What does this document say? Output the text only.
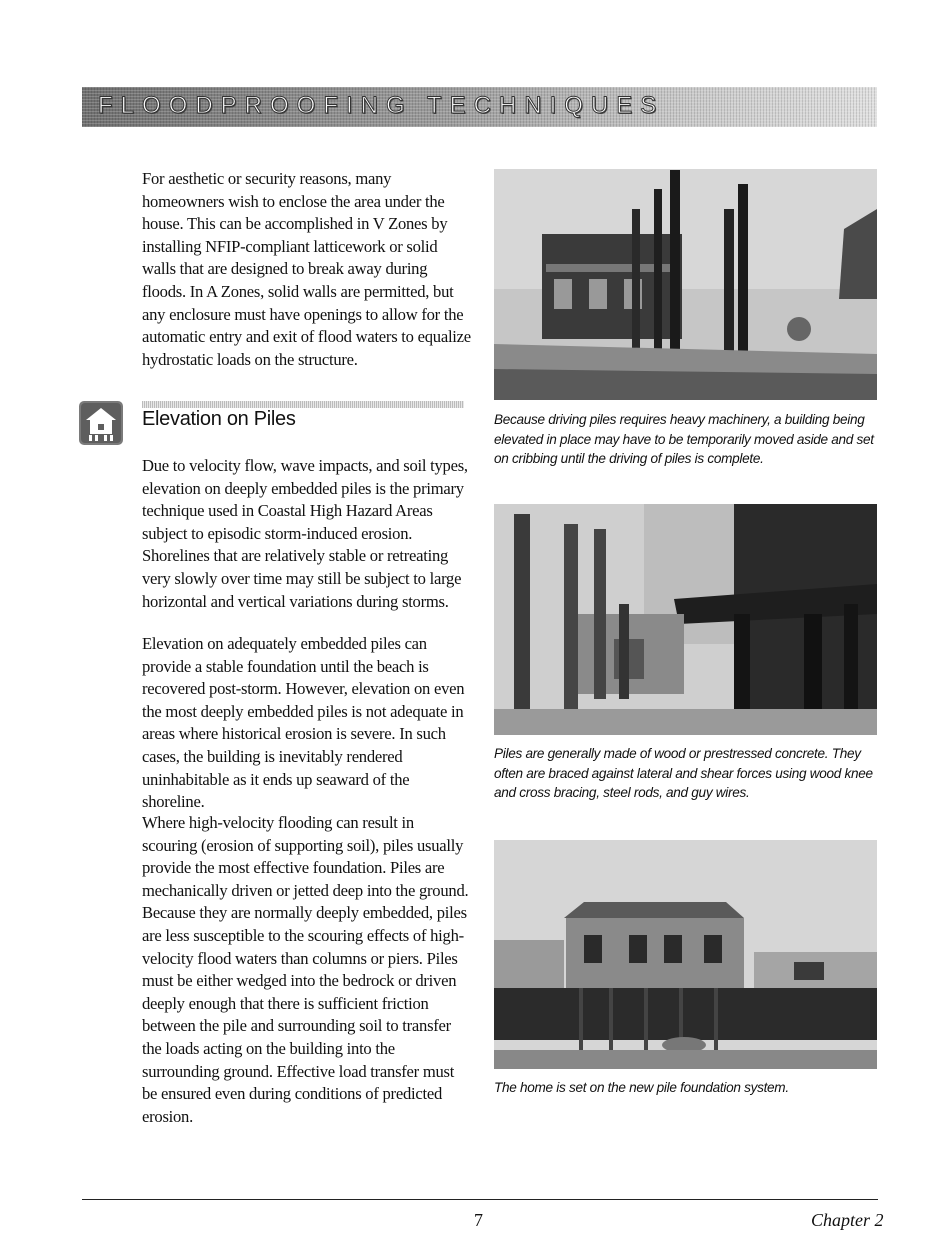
FLOODPROOFING TECHNIQUES

For aesthetic or security reasons, many homeowners wish to enclose the area under the house. This can be accomplished in V Zones by installing NFIP-compliant latticework or solid walls that are designed to break away during floods. In A Zones, solid walls are permitted, but any enclosure must have openings to allow for the automatic entry and exit of flood waters to equalize hydrostatic loads on the structure.

Elevation on Piles

Due to velocity flow, wave impacts, and soil types, elevation on deeply embedded piles is the primary technique used in Coastal High Hazard Areas subject to episodic storm-induced erosion. Shorelines that are relatively stable or retreating very slowly over time may still be subject to large horizontal and vertical variations during storms.

Elevation on adequately embedded piles can provide a stable foundation until the beach is recovered post-storm. However, elevation on even the most deeply embedded piles is not adequate in areas where historical erosion is severe. In such cases, the building is inevitably rendered uninhabitable as it ends up seaward of the shoreline.

Where high-velocity flooding can result in scouring (erosion of supporting soil), piles usually provide the most effective foundation. Piles are mechanically driven or jetted deep into the ground. Because they are normally deeply embedded, piles are less susceptible to the scouring effects of high-velocity flood waters than columns or piers. Piles must be either wedged into the bedrock or driven deeply enough that there is sufficient friction between the pile and surrounding soil to transfer the loads acting on the building into the surrounding ground. Effective load transfer must be ensured even during conditions of predicted erosion.

Because driving piles requires heavy machinery, a building being elevated in place may have to be temporarily moved aside and set on cribbing until the driving of piles is complete.

Piles are generally made of wood or prestressed concrete. They often are braced against lateral and shear forces using wood knee and cross bracing, steel rods, and guy wires.

The home is set on the new pile foundation system.

7	Chapter 2
